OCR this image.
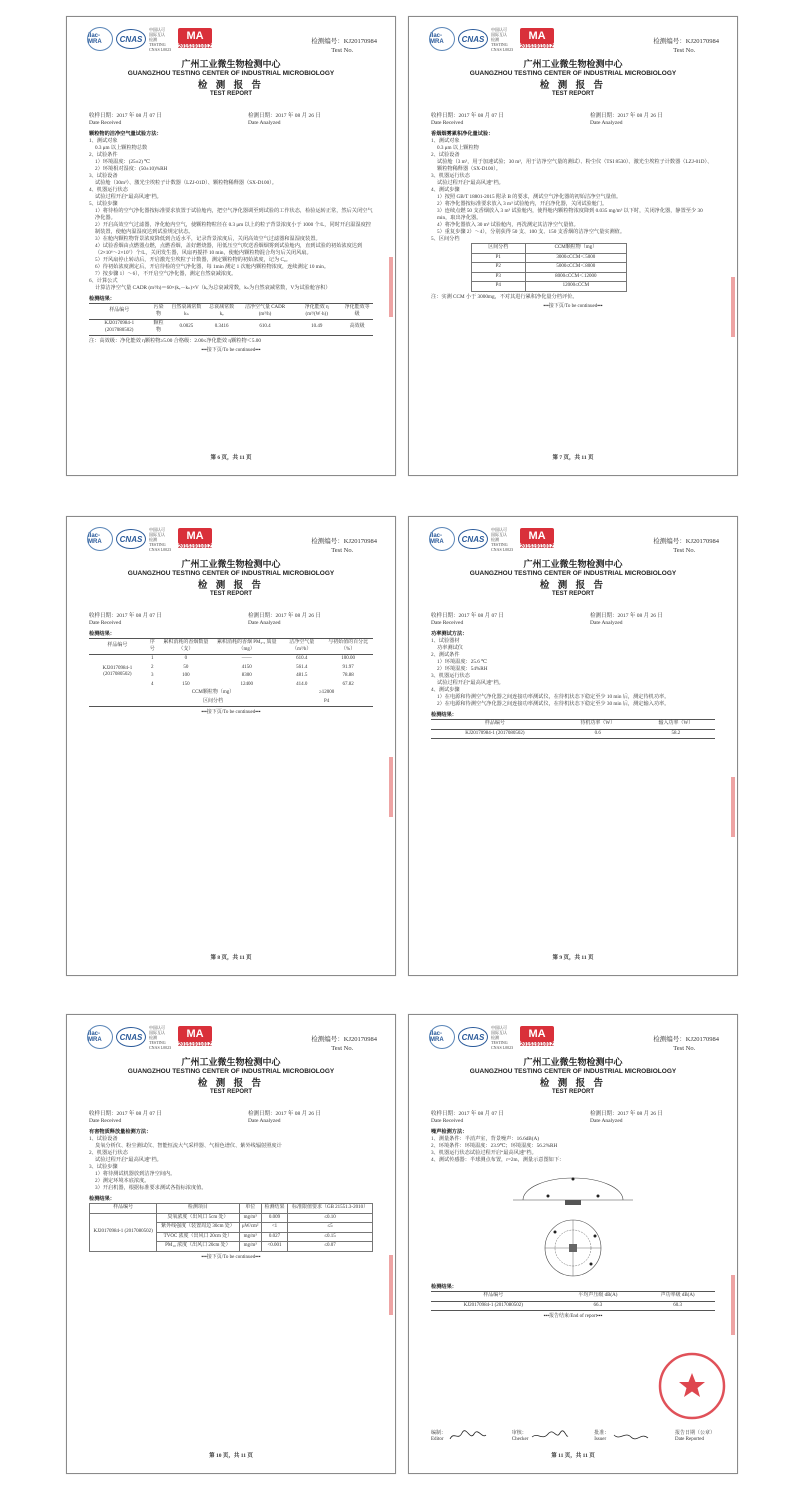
ilac-MRA	CNAS
中国认可
国际互认
检测
TESTING
CNAS L0023
MA
2015191101Z
检测编号：KJ20170984
Test No.
广州工业微生物检测中心
GUANGZHOU TESTING CENTER OF INDUSTRIAL MICROBIOLOGY
检 测 报 告
TEST REPORT
收样日期：2017 年 08 月 07 日
Date Received
检测日期：2017 年 08 月 26 日
Date Analyzed
颗粒物的洁净空气量试验方法：
1、测试对象
0.3 μm 以上颗粒物总数
2、试验条件
1）环境温度：(25±2) ℃
2）环境相对湿度：(50±10)%RH
3、试验设备
试验舱（30m³）、激光尘埃粒子计数器（LZJ-01D）、颗粒物稀释器（SX-D100）。
4、机器运行状态
试验过程开启“最高风速”档。
5、试验步骤
1）将待检的空气净化器按标准要求放置于试验舱内，把空气净化器调至到试验的工作状态，检验运转正常，然后关闭空气净化器。
2）开启高效空气过滤器，净化舱内空气，使颗粒物粒径在 0.3 μm 以上的粒子背景浓度小于 1000 个/L，同时开启温湿度控制装置，使舱内温湿度达到试验规定状态。
3）在舱内颗粒物背景浓度降低到合适水平，记录背景浓度后，关闭高效空气过滤器和温湿度装置。
4）试验香烟由点燃器点燃，点燃香烟，盖好燃烧器，用低压空气吹送香烟烟雾到试验舱内，直到试验的初始浓度达到（2×10⁶～2×10⁷）个/L，关闭发生器，风扇再搅拌 10 min，使舱内颗粒物混合均匀后关闭风扇。
5）开风扇停止转动后，开启激光尘埃粒子计数器，测定颗粒物的初始浓度，记为 C₀。
6）待初始浓度测定后，开启待检的空气净化器，每 1min 测定 1 次舱内颗粒物浓度，连续测定 10 min。
7）按步骤 1）～6），不开启空气净化器，测定自然衰减浓度。
6、计算公式
计算洁净空气量 CADR (m³/h)＝60×(kₑ－kₙ)×V（kₑ为总衰减常数，kₙ为自然衰减常数，V为试验舱容积）
检测结果：
样品编号	污染物	自然衰减常数 kₙ	总衰减常数 kₑ	洁净空气量 CADR (m³/h)	净化能效 η (m³/(W·h))	净化能效等级
KJ20170984-1 (2017080502)	颗粒物	0.0025	0.3416	610.4	10.49	高效级
注：高效级：净化能效 η颗粒物≥5.00 合格级：2.00≤净化能效 η颗粒物＜5.00
▪▪▪接下页/To be continued▪▪▪
第 6 页，共 11 页
ilac-MRA	CNAS
中国认可
国际互认
检测
TESTING
CNAS L0023
MA
2015191101Z
检测编号：KJ20170984
Test No.
广州工业微生物检测中心
GUANGZHOU TESTING CENTER OF INDUSTRIAL MICROBIOLOGY
检 测 报 告
TEST REPORT
收样日期：2017 年 08 月 07 日
Date Received
检测日期：2017 年 08 月 26 日
Date Analyzed
香烟烟雾累积净化量试验：
1、测试对象
0.3 μm 以上颗粒物
2、试验设备
试验舱（3 m³，用于加速试验；30 m³，用于洁净空气量的测试）、粉尘仪（TSI 8530）、激光尘埃粒子计数器（LZJ-01D）、颗粒物稀释器（SX-D100）。
3、机器运行状态
试验过程开启“最高风速”档。
4、测试步骤
1）按照 GB/T 18801-2015 附录 B 的要求，测试空气净化器的初始洁净空气量值。
2）将净化器按标准要求放入 3 m³ 试验舱内，开启净化器，关闭试验舱门。
3）连续点燃 50 支香烟放入 3 m³ 试验舱内，使得舱内颗粒物浓度降到 0.035 mg/m³ 以下时，关闭净化器，静置至少 30 min，取出净化器。
4）将净化器放入 30 m³ 试验舱内，再洗测定其洁净空气量值。
5）重复步骤 2）～4），分别获得 50 支、100 支、150 支香烟的洁净空气量实测值。
5、区间分档
区间分档	CCM颗粒物（mg）
P1	3000≤CCM＜5000
P2	5000≤CCM＜8000
P3	8000≤CCM＜12000
P4	12000≤CCM
注：实测 CCM 小于 3000mg，不对其进行累积净化量分档评价。
▪▪▪接下页/To be continued▪▪▪
第 7 页，共 11 页
ilac-MRA	CNAS
中国认可
国际互认
检测
TESTING
CNAS L0023
MA
2015191101Z
检测编号：KJ20170984
Test No.
广州工业微生物检测中心
GUANGZHOU TESTING CENTER OF INDUSTRIAL MICROBIOLOGY
检 测 报 告
TEST REPORT
收样日期：2017 年 08 月 07 日
Date Received
检测日期：2017 年 08 月 26 日
Date Analyzed
检测结果：
样品编号	序号	累积消耗的香烟数量（支）	累积消耗的香烟 PM₂.₅ 质量（mg）	洁净空气量（m³/h）	与初始值的百分比（%）
KJ20170984-1 (2017080502)	1	0	——	610.4	100.00
	2	50	4150	561.4	91.97
	3	100	8300	481.5	78.88
	4	150	12400	414.0	67.82
	CCM颗粒物（mg）			≥12000	
	区间分档			P4	
▪▪▪接下页/To be continued▪▪▪
第 8 页，共 11 页
ilac-MRA	CNAS
中国认可
国际互认
检测
TESTING
CNAS L0023
MA
2015191101Z
检测编号：KJ20170984
Test No.
广州工业微生物检测中心
GUANGZHOU TESTING CENTER OF INDUSTRIAL MICROBIOLOGY
检 测 报 告
TEST REPORT
收样日期：2017 年 08 月 07 日
Date Received
检测日期：2017 年 08 月 26 日
Date Analyzed
功率测试方法：
1、试验器材
功率测试仪
2、测试条件
1）环境温度：25.6 ℃
2）环境湿度：54%RH
3、机器运行状态
试验过程开启“最高风速”档。
4、测试步骤
1）在电源和待测空气净化器之间连接功率测试仪，在待机状态下稳定至少 10 min 后，测定待机功率。
2）在电源和待测空气净化器之间连接功率测试仪，在待机状态下稳定至少 30 min 后，测定输入功率。
检测结果：
样品编号	待机功率（W）	输入功率（W）
KJ20170984-1 (2017080502)	0.6	58.2
第 9 页，共 11 页
ilac-MRA	CNAS
中国认可
国际互认
检测
TESTING
CNAS L0023
MA
2015191101Z
检测编号：KJ20170984
Test No.
广州工业微生物检测中心
GUANGZHOU TESTING CENTER OF INDUSTRIAL MICROBIOLOGY
检 测 报 告
TEST REPORT
收样日期：2017 年 08 月 07 日
Date Received
检测日期：2017 年 08 月 26 日
Date Analyzed
有害物质释放量检测方法：
1、试验设备
臭氧分析仪、粉尘测试仪、智能恒流大气采样器、气相色谱仪、紫外线辐射照度计
2、机器运行状态
试验过程开启“最高风速”档。
3、试验步骤
1）将待测试机器放到洁净空间内。
2）测定环境本底浓度。
3）开启机器，根据标准要求测试各指标浓度值。
检测结果：
样品编号	检测项目	单位	检测结果	标准限值要求（GB 21551.3-2010）
KJ20170984-1 (2017080502)	臭氧浓度（出风口 5cm 处）	mg/m³	0.009	≤0.10
	紫外线强度（装置周边 30cm 处）	μW/cm²	<1	≤5
	TVOC 浓度（出风口 20cm 处）	mg/m³	0.027	≤0.15
	PM₁₀ 浓度（出风口 20cm 处）	mg/m³	<0.001	≤0.07
▪▪▪接下页/To be continued▪▪▪
第 10 页，共 11 页
ilac-MRA	CNAS
中国认可
国际互认
检测
TESTING
CNAS L0023
MA
2015191101Z
检测编号：KJ20170984
Test No.
广州工业微生物检测中心
GUANGZHOU TESTING CENTER OF INDUSTRIAL MICROBIOLOGY
检 测 报 告
TEST REPORT
收样日期：2017 年 08 月 07 日
Date Received
检测日期：2017 年 08 月 26 日
Date Analyzed
噪声检测方法：
1、测量条件：半消声室，背景噪声：16.6dB(A)
2、环境条件：环境温度：23.9℃；环境湿度：56.2%RH
3、机器运行状态试验过程开启“最高风速”档。
4、测试传感器：半球测点布置，r=2m，测量示意图如下：
检测结果：
样品编号	平均声压级 dB(A)	声功率级 dB(A)
KJ20170984-1 (2017080502)	66.3	60.3
▪▪▪报告结束/End of report▪▪▪
编制：
Editor
审核：
Checker
批准：
Issuer
报告日期（公章）
Date Reported
第 11 页，共 11 页
